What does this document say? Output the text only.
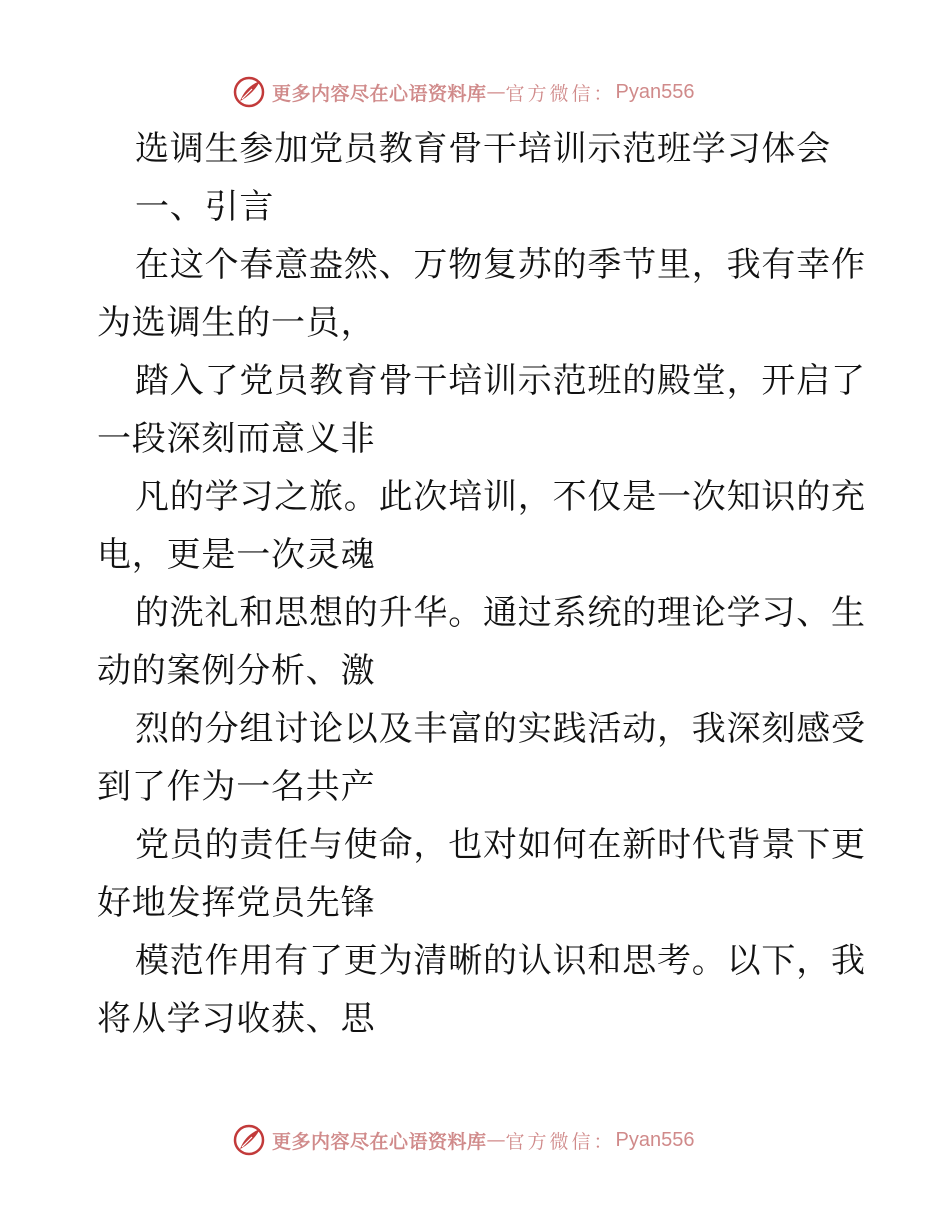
更多内容尽在心语资料库 — 官方微信： Pyan556
选调生参加党员教育骨干培训示范班学习体会
一、引言
在这个春意盎然、万物复苏的季节里，我有幸作
为选调生的一员，
踏入了党员教育骨干培训示范班的殿堂，开启了
一段深刻而意义非
凡的学习之旅。此次培训，不仅是一次知识的充
电，更是一次灵魂
的洗礼和思想的升华。通过系统的理论学习、生
动的案例分析、激
烈的分组讨论以及丰富的实践活动，我深刻感受
到了作为一名共产
党员的责任与使命，也对如何在新时代背景下更
好地发挥党员先锋
模范作用有了更为清晰的认识和思考。以下，我
将从学习收获、思
更多内容尽在心语资料库 — 官方微信： Pyan556
